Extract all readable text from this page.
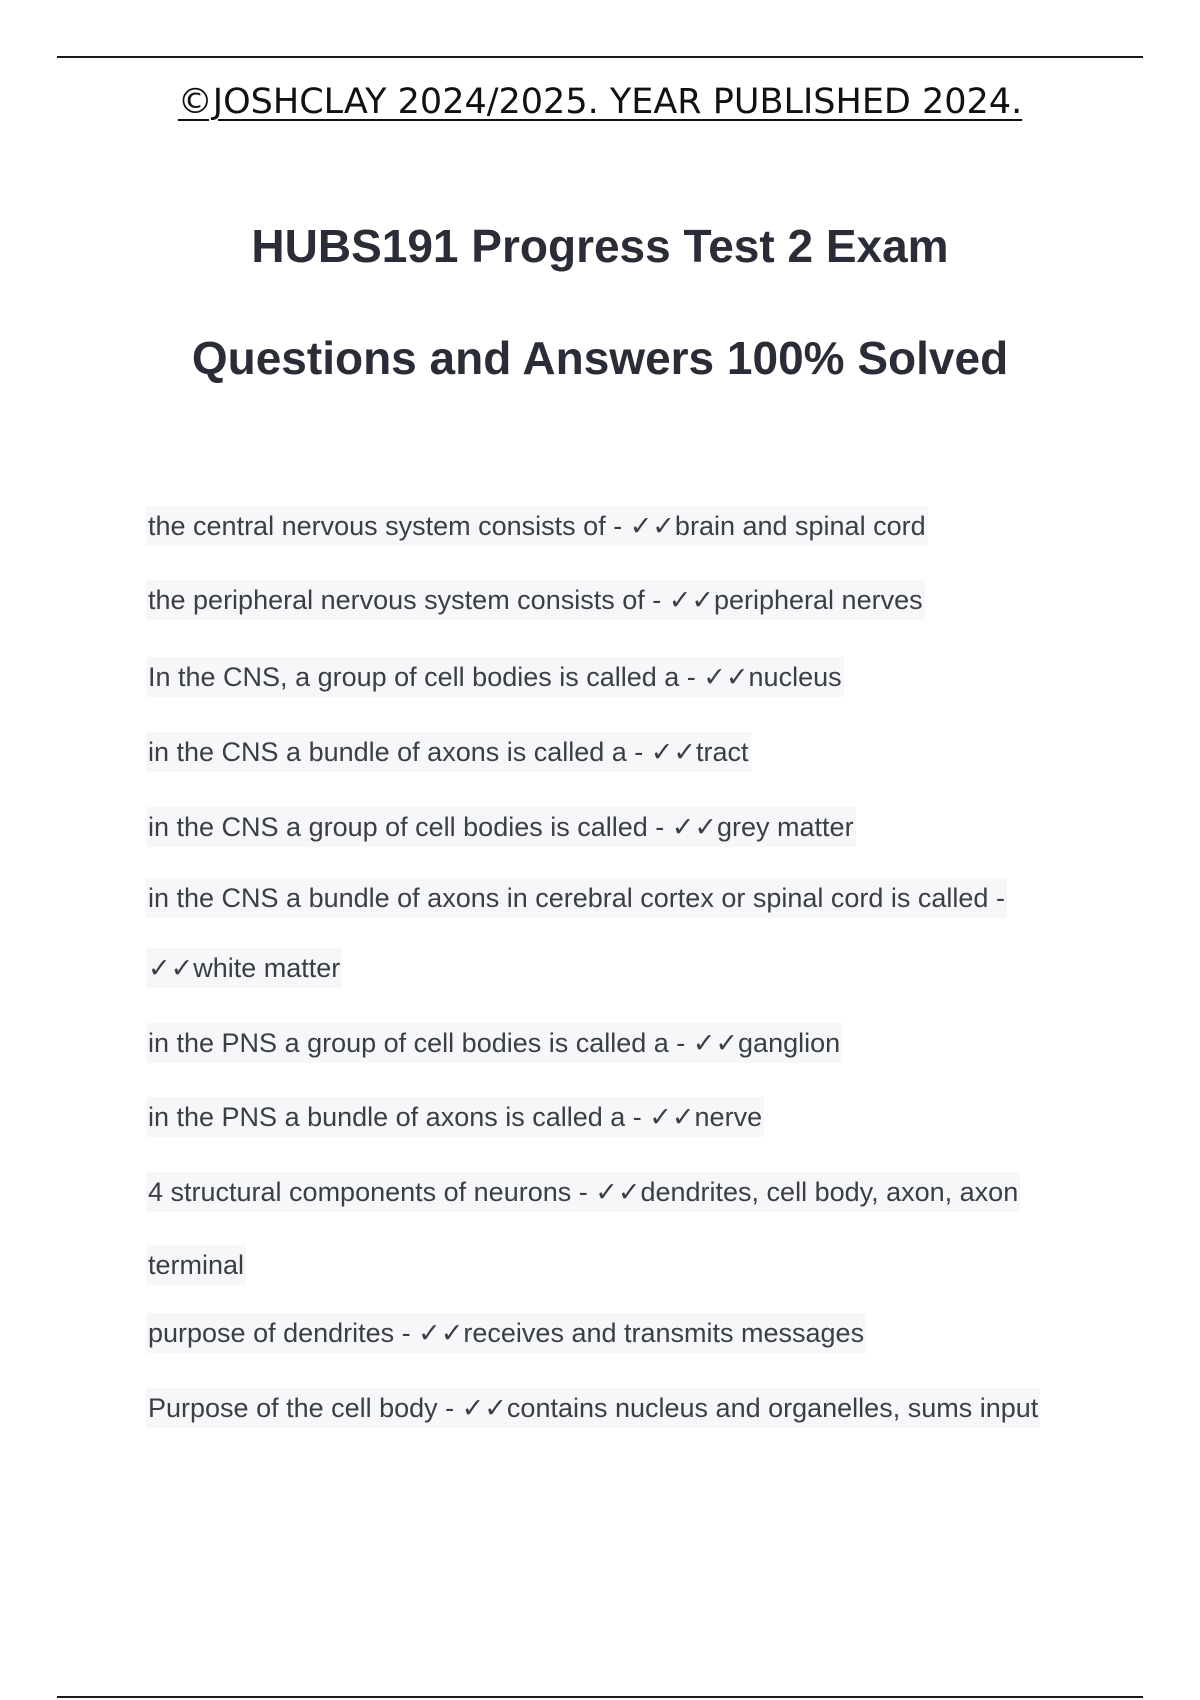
©JOSHCLAY 2024/2025. YEAR PUBLISHED 2024.
HUBS191 Progress Test 2 Exam
Questions and Answers 100% Solved
the central nervous system consists of - ✓✓brain and spinal cord
the peripheral nervous system consists of - ✓✓peripheral nerves
In the CNS, a group of cell bodies is called a - ✓✓nucleus
in the CNS a bundle of axons is called a - ✓✓tract
in the CNS a group of cell bodies is called - ✓✓grey matter
in the CNS a bundle of axons in cerebral cortex or spinal cord is called -
✓✓white matter
in the PNS a group of cell bodies is called a - ✓✓ganglion
in the PNS a bundle of axons is called a - ✓✓nerve
4 structural components of neurons - ✓✓dendrites, cell body, axon, axon
terminal
purpose of dendrites - ✓✓receives and transmits messages
Purpose of the cell body - ✓✓contains nucleus and organelles, sums input
